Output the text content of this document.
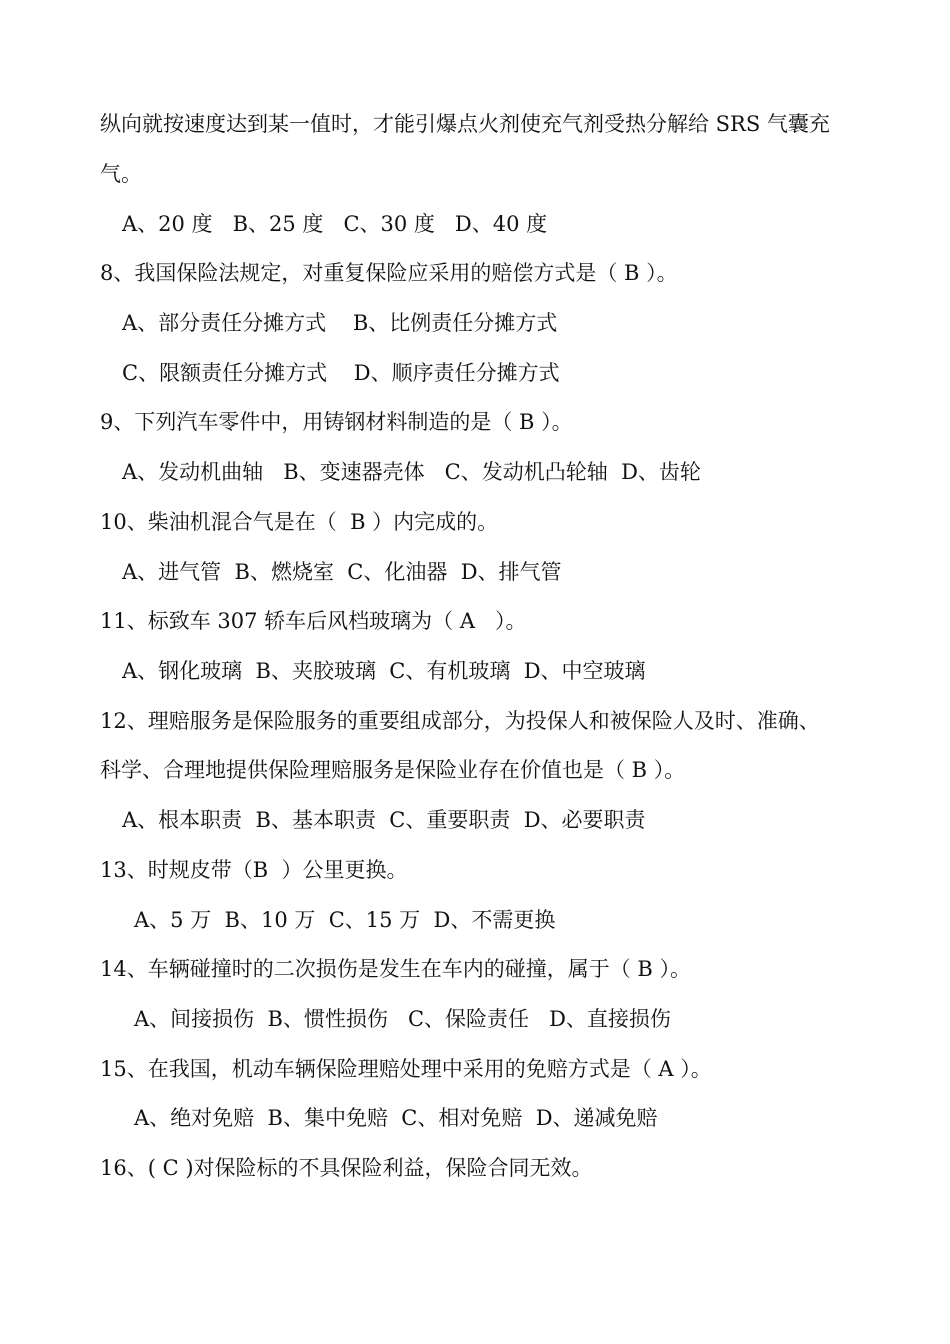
纵向就按速度达到某一值时，才能引爆点火剂使充气剂受热分解给 SRS 气囊充
气。
A、20 度   B、25 度   C、30 度   D、40 度
8、我国保险法规定，对重复保险应采用的赔偿方式是（ B ）。
A、部分责任分摊方式    B、比例责任分摊方式
C、限额责任分摊方式    D、顺序责任分摊方式
9、下列汽车零件中，用铸钢材料制造的是（ B ）。
A、发动机曲轴   B、变速器壳体   C、发动机凸轮轴  D、齿轮
10、柴油机混合气是在（  B ）内完成的。
A、进气管  B、燃烧室  C、化油器  D、排气管
11、标致车 307 轿车后风档玻璃为（ A   ）。
A、钢化玻璃  B、夹胶玻璃  C、有机玻璃  D、中空玻璃
12、理赔服务是保险服务的重要组成部分，为投保人和被保险人及时、准确、
科学、合理地提供保险理赔服务是保险业存在价值也是（ B ）。
A、根本职责  B、基本职责  C、重要职责  D、必要职责
13、时规皮带（B  ）公里更换。
A、5 万  B、10 万  C、15 万  D、不需更换
14、车辆碰撞时的二次损伤是发生在车内的碰撞，属于（ B ）。
A、间接损伤  B、惯性损伤   C、保险责任   D、直接损伤
15、在我国，机动车辆保险理赔处理中采用的免赔方式是（ A ）。
A、绝对免赔  B、集中免赔  C、相对免赔  D、递减免赔
16、( C )对保险标的不具保险利益，保险合同无效。
